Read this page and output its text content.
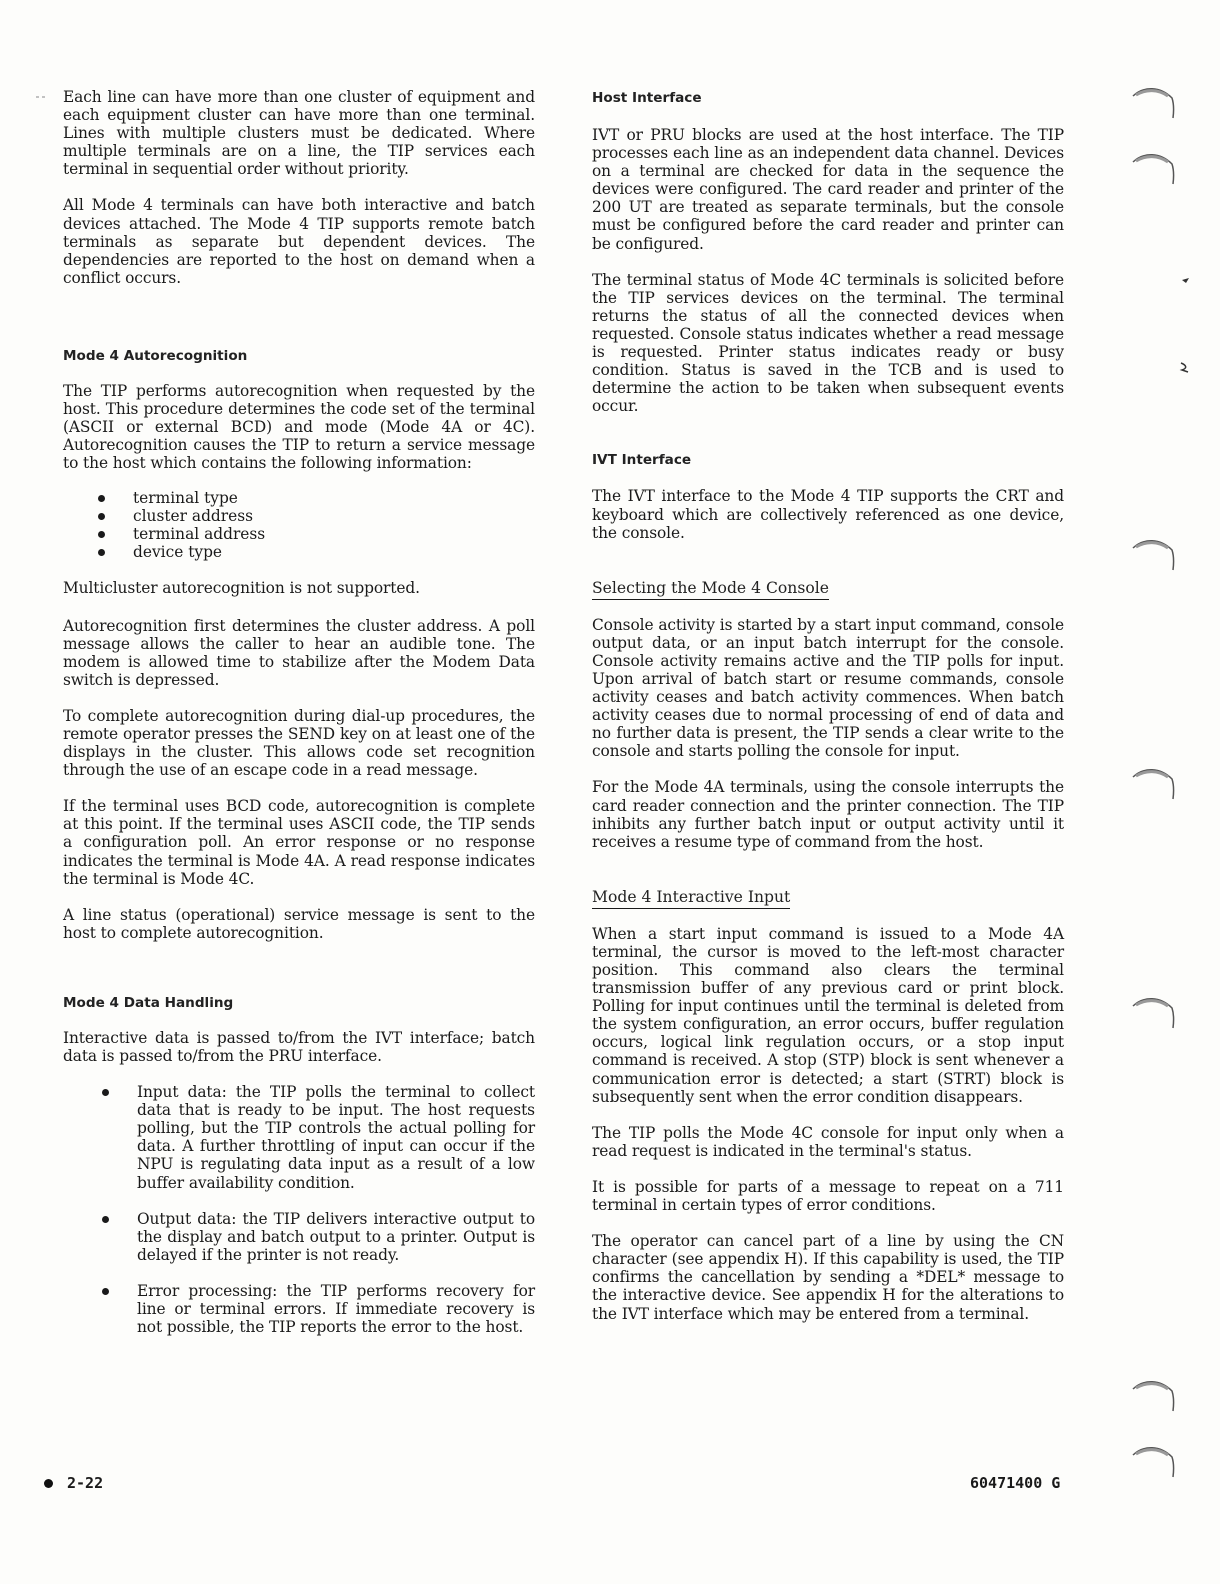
Each line can have more than one cluster of equipment and each equipment cluster can have more than one terminal. Lines with multiple clusters must be dedicated. Where multiple terminals are on a line, the TIP services each terminal in sequential order without priority.

All Mode 4 terminals can have both interactive and batch devices attached. The Mode 4 TIP supports remote batch terminals as separate but dependent devices. The dependencies are reported to the host on demand when a conflict occurs.

Mode 4 Autorecognition

The TIP performs autorecognition when requested by the host. This procedure determines the code set of the terminal (ASCII or external BCD) and mode (Mode 4A or 4C). Autorecognition causes the TIP to return a service message to the host which contains the following information:

terminal type
cluster address
terminal address
device type

Multicluster autorecognition is not supported.

Autorecognition first determines the cluster address. A poll message allows the caller to hear an audible tone. The modem is allowed time to stabilize after the Modem Data switch is depressed.

To complete autorecognition during dial-up procedures, the remote operator presses the SEND key on at least one of the displays in the cluster. This allows code set recognition through the use of an escape code in a read message.

If the terminal uses BCD code, autorecognition is complete at this point. If the terminal uses ASCII code, the TIP sends a configuration poll. An error response or no response indicates the terminal is Mode 4A. A read response indicates the terminal is Mode 4C.

A line status (operational) service message is sent to the host to complete autorecognition.

Mode 4 Data Handling

Interactive data is passed to/from the IVT interface; batch data is passed to/from the PRU interface.

Input data: the TIP polls the terminal to collect data that is ready to be input. The host requests polling, but the TIP controls the actual polling for data. A further throttling of input can occur if the NPU is regulating data input as a result of a low buffer availability condition.
Output data: the TIP delivers interactive output to the display and batch output to a printer. Output is delayed if the printer is not ready.
Error processing: the TIP performs recovery for line or terminal errors. If immediate recovery is not possible, the TIP reports the error to the host.
Host Interface

IVT or PRU blocks are used at the host interface. The TIP processes each line as an independent data channel. Devices on a terminal are checked for data in the sequence the devices were configured. The card reader and printer of the 200 UT are treated as separate terminals, but the console must be configured before the card reader and printer can be configured.

The terminal status of Mode 4C terminals is solicited before the TIP services devices on the terminal. The terminal returns the status of all the connected devices when requested. Console status indicates whether a read message is requested. Printer status indicates ready or busy condition. Status is saved in the TCB and is used to determine the action to be taken when subsequent events occur.

IVT Interface

The IVT interface to the Mode 4 TIP supports the CRT and keyboard which are collectively referenced as one device, the console.

Selecting the Mode 4 Console

Console activity is started by a start input command, console output data, or an input batch interrupt for the console. Console activity remains active and the TIP polls for input. Upon arrival of batch start or resume commands, console activity ceases and batch activity commences. When batch activity ceases due to normal processing of end of data and no further data is present, the TIP sends a clear write to the console and starts polling the console for input.

For the Mode 4A terminals, using the console interrupts the card reader connection and the printer connection. The TIP inhibits any further batch input or output activity until it receives a resume type of command from the host.

Mode 4 Interactive Input

When a start input command is issued to a Mode 4A terminal, the cursor is moved to the left-most character position. This command also clears the terminal transmission buffer of any previous card or print block. Polling for input continues until the terminal is deleted from the system configuration, an error occurs, buffer regulation occurs, logical link regulation occurs, or a stop input command is received. A stop (STP) block is sent whenever a communication error is detected; a start (STRT) block is subsequently sent when the error condition disappears.

The TIP polls the Mode 4C console for input only when a read request is indicated in the terminal's status.

It is possible for parts of a message to repeat on a 711 terminal in certain types of error conditions.

The operator can cancel part of a line by using the CN character (see appendix H). If this capability is used, the TIP confirms the cancellation by sending a *DEL* message to the interactive device. See appendix H for the alterations to the IVT interface which may be entered from a terminal.

2-22	60471400 G
